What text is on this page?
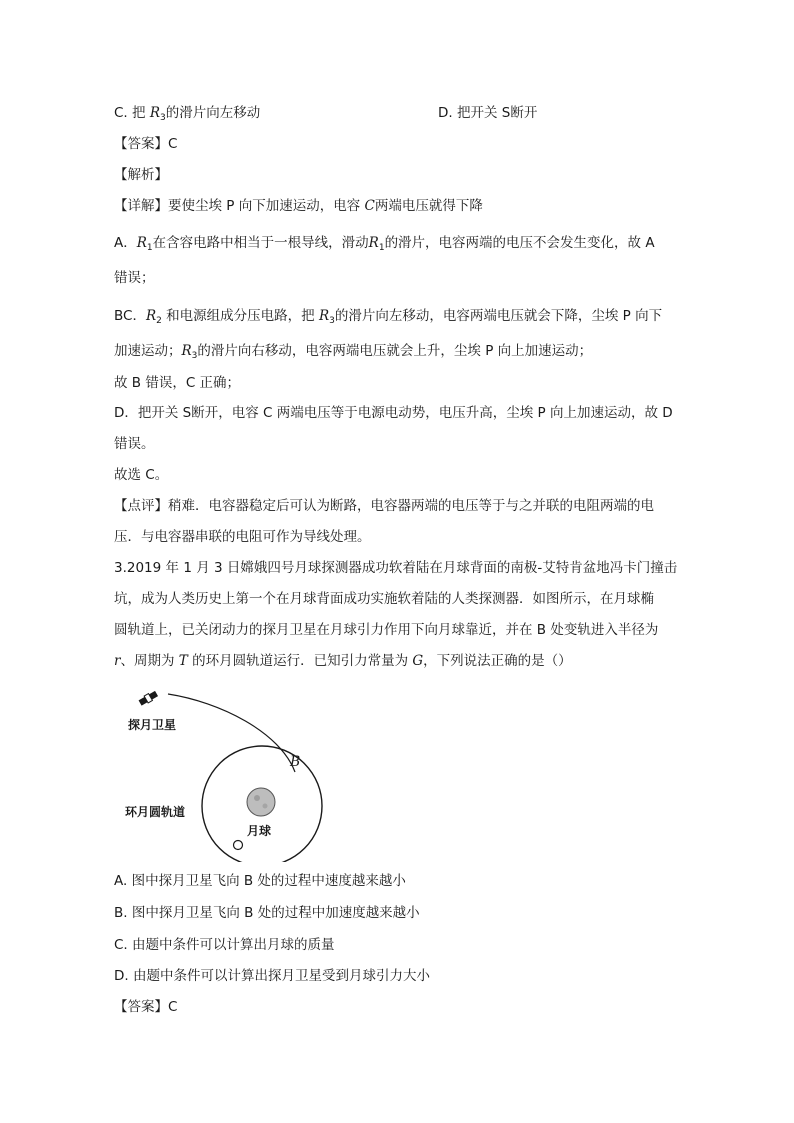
C. 把 $R_3$的滑片向左移动	D. 把开关 S断开
【答案】C
【解析】
【详解】要使尘埃 P 向下加速运动，电容 C两端电压就得下降
A．$R_1$在含容电路中相当于一根导线，滑动$R_1$的滑片，电容两端的电压不会发生变化，故 A
错误；
BC．$R_2$ 和电源组成分压电路，把 $R_3$的滑片向左移动，电容两端电压就会下降，尘埃 P 向下
加速运动；$R_3$的滑片向右移动，电容两端电压就会上升，尘埃 P 向上加速运动；
故 B 错误，C 正确；
D．把开关 S断开，电容 C 两端电压等于电源电动势，电压升高，尘埃 P 向上加速运动，故 D
错误。
故选 C。
【点评】稍难．电容器稳定后可认为断路，电容器两端的电压等于与之并联的电阻两端的电
压．与电容器串联的电阻可作为导线处理。
3.2019 年 1 月 3 日嫦娥四号月球探测器成功软着陆在月球背面的南极-艾特肯盆地冯卡门撞击
坑，成为人类历史上第一个在月球背面成功实施软着陆的人类探测器．如图所示，在月球椭
圆轨道上，已关闭动力的探月卫星在月球引力作用下向月球靠近，并在 B 处变轨进入半径为
r、周期为 T 的环月圆轨道运行．已知引力常量为 G，下列说法正确的是（）
探月卫星
B
环月圆轨道
月球
A. 图中探月卫星飞向 B 处的过程中速度越来越小
B. 图中探月卫星飞向 B 处的过程中加速度越来越小
C. 由题中条件可以计算出月球的质量
D. 由题中条件可以计算出探月卫星受到月球引力大小
【答案】C
